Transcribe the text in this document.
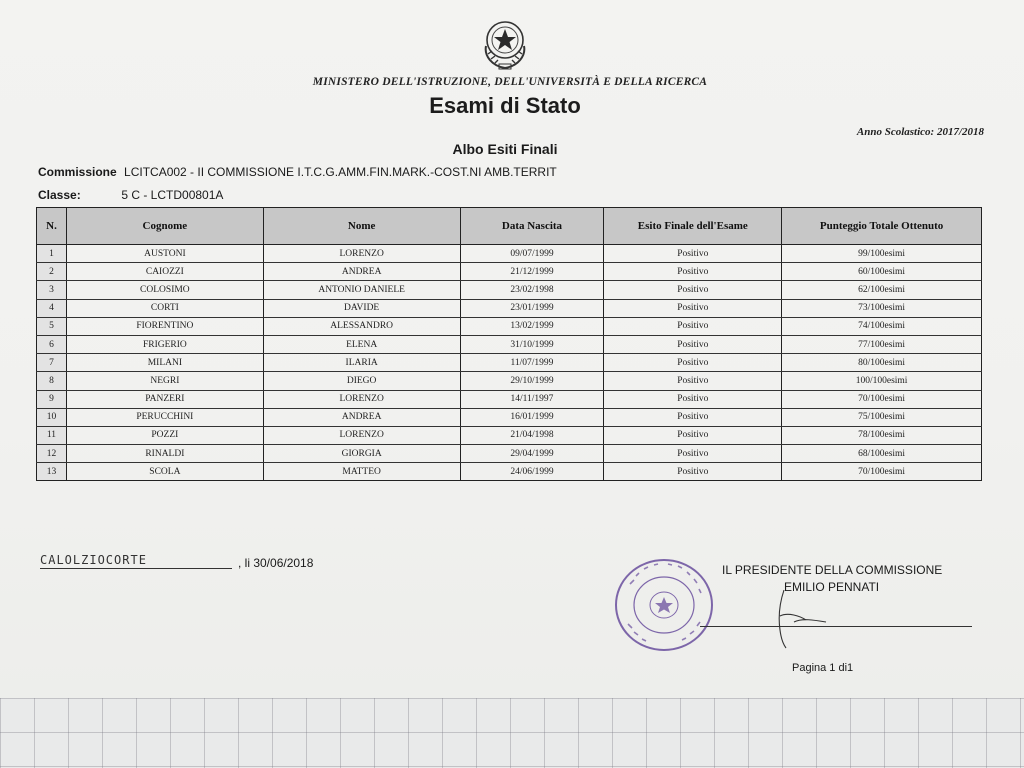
MINISTERO DELL'ISTRUZIONE, DELL'UNIVERSITÀ E DELLA RICERCA
Esami di Stato
Anno Scolastico: 2017/2018
Albo Esiti Finali
Commissione LCITCA002 - II COMMISSIONE I.T.C.G.AMM.FIN.MARK.-COST.NI AMB.TERRIT
Classe:	5 C - LCTD00801A
N.	Cognome	Nome	Data Nascita	Esito Finale dell'Esame	Punteggio Totale Ottenuto
1	AUSTONI	LORENZO	09/07/1999	Positivo	99/100esimi
2	CAIOZZI	ANDREA	21/12/1999	Positivo	60/100esimi
3	COLOSIMO	ANTONIO DANIELE	23/02/1998	Positivo	62/100esimi
4	CORTI	DAVIDE	23/01/1999	Positivo	73/100esimi
5	FIORENTINO	ALESSANDRO	13/02/1999	Positivo	74/100esimi
6	FRIGERIO	ELENA	31/10/1999	Positivo	77/100esimi
7	MILANI	ILARIA	11/07/1999	Positivo	80/100esimi
8	NEGRI	DIEGO	29/10/1999	Positivo	100/100esimi
9	PANZERI	LORENZO	14/11/1997	Positivo	70/100esimi
10	PERUCCHINI	ANDREA	16/01/1999	Positivo	75/100esimi
11	POZZI	LORENZO	21/04/1998	Positivo	78/100esimi
12	RINALDI	GIORGIA	29/04/1999	Positivo	68/100esimi
13	SCOLA	MATTEO	24/06/1999	Positivo	70/100esimi
CALOLZIOCORTE	, li 30/06/2018	IL PRESIDENTE DELLA COMMISSIONE
EMILIO PENNATI
Pagina 1 di1
